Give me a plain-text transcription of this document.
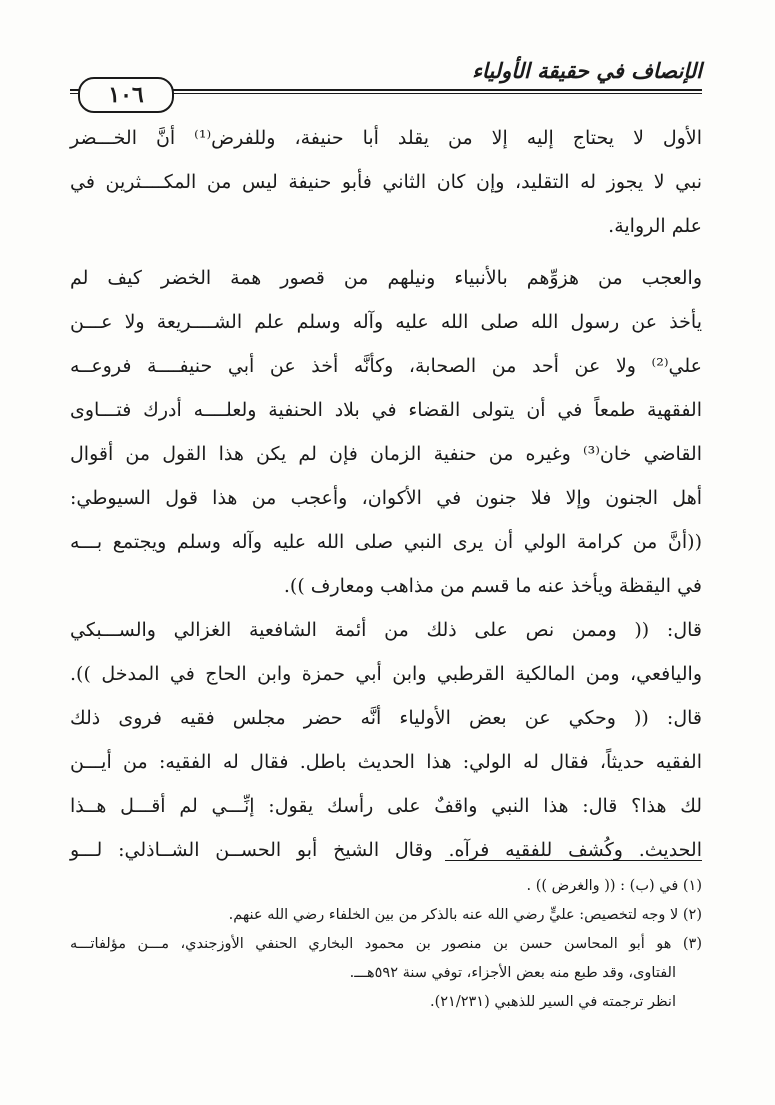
الإنصاف في حقيقة الأولياء
١٠٦
الأول لا يحتاج إليه إلا من يقلد أبا حنيفة، وللفرض⁽¹⁾ أنَّ الخـــضر
نبي لا يجوز له التقليد، وإن كان الثاني فأبو حنيفة ليس من المكــــثرين في
علم الرواية.
والعجب من هزوِّهم بالأنبياء ونيلهم من قصور همة الخضر كيف لم
يأخذ عن رسول الله صلى الله عليه وآله وسلم علم الشــــريعة ولا عـــن
علي⁽²⁾ ولا عن أحد من الصحابة، وكأنَّه أخذ عن أبي حنيفــــة فروعــه
الفقهية طمعاً في أن يتولى القضاء في بلاد الحنفية ولعلــــه أدرك فتـــاوى
القاضي خان⁽³⁾ وغيره من حنفية الزمان فإن لم يكن هذا القول من أقوال
أهل الجنون وإلا فلا جنون في الأكوان، وأعجب من هذا قول السيوطي:
((أنَّ من كرامة الولي أن يرى النبي صلى الله عليه وآله وسلم ويجتمع بـــه
في اليقظة ويأخذ عنه ما قسم من مذاهب ومعارف )).
قال: (( وممن نص على ذلك من أئمة الشافعية الغزالي والســـبكي
واليافعي، ومن المالكية القرطبي وابن أبي حمزة وابن الحاج في المدخل )).
قال: (( وحكي عن بعض الأولياء أنَّه حضر مجلس فقيه فروى ذلك
الفقيه حديثاً، فقال له الولي: هذا الحديث باطل. فقال له الفقيه: من أيـــن
لك هذا؟ قال: هذا النبي واقفٌ على رأسك يقول: إنِّـــي لم أقـــل هــذا
الحديث. وكُشف للفقيه فرآه. وقال الشيخ أبو الحســن الشــاذلي: لـــو
(١) في (ب) : (( والغرض )) .
(٢) لا وجه لتخصيص: عليٍّ رضي الله عنه بالذكر من بين الخلفاء رضي الله عنهم.
(٣) هو أبو المحاسن حسن بن منصور بن محمود البخاري الحنفي الأوزجندي، مـــن مؤلفاتـــه
الفتاوى، وقد طبع منه بعض الأجزاء، توفي سنة ٥٩٢هـــ.
انظر ترجمته في السير للذهبي (٢١/٢٣١).
